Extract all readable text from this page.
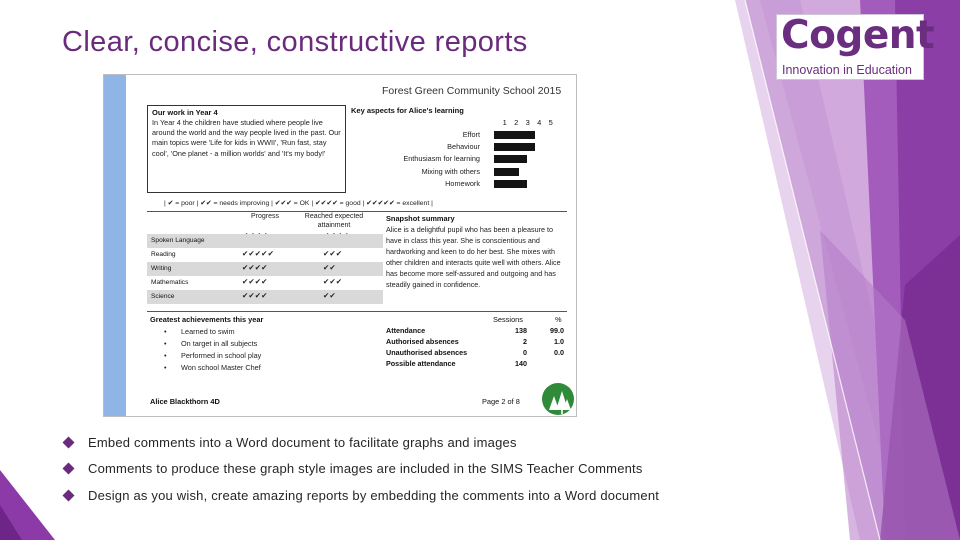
Clear, concise, constructive reports	Cogent
Innovation in Education
Forest Green Community School 2015
Our work in Year 4
In Year 4 the children have studied where people live around the world and the way people lived in the past. Our main topics were 'Life for kids in WWII', 'Run fast, stay cool', 'One planet - a million worlds' and 'It's my body!'
Key aspects for Alice's learning
1 2 3 4 5
Effort
Behaviour
Enthusiasm for learning
Mixing with others
Homework
| ✔ = poor | ✔✔ = needs improving | ✔✔✔ = OK | ✔✔✔✔ = good | ✔✔✔✔✔ = excellent |
Progress	Reached expected attainment
Spoken Language
Reading	✔✔✔✔✔	✔✔✔
Writing	✔✔✔✔	✔✔
Mathematics	✔✔✔✔	✔✔✔
Science	✔✔✔✔	✔✔
Snapshot summary
Alice is a delightful pupil who has been a pleasure to have in class this year. She is conscientious and hardworking and keen to do her best. She mixes with other children and interacts quite well with others. Alice has become more self-assured and outgoing and has steadily gained in confidence.
Greatest achievements this year
• Learned to swim
• On target in all subjects
• Performed in school play
• Won school Master Chef
Sessions	%
Attendance	138	99.0
Authorised absences	2	1.0
Unauthorised absences	0	0.0
Possible attendance	140
Alice Blackthorn 4D	Page 2 of 8
Embed comments into a Word document to facilitate graphs and images
Comments to produce these graph style images are included in the SIMS Teacher Comments
Design as you wish, create amazing reports by embedding the comments into a Word document
